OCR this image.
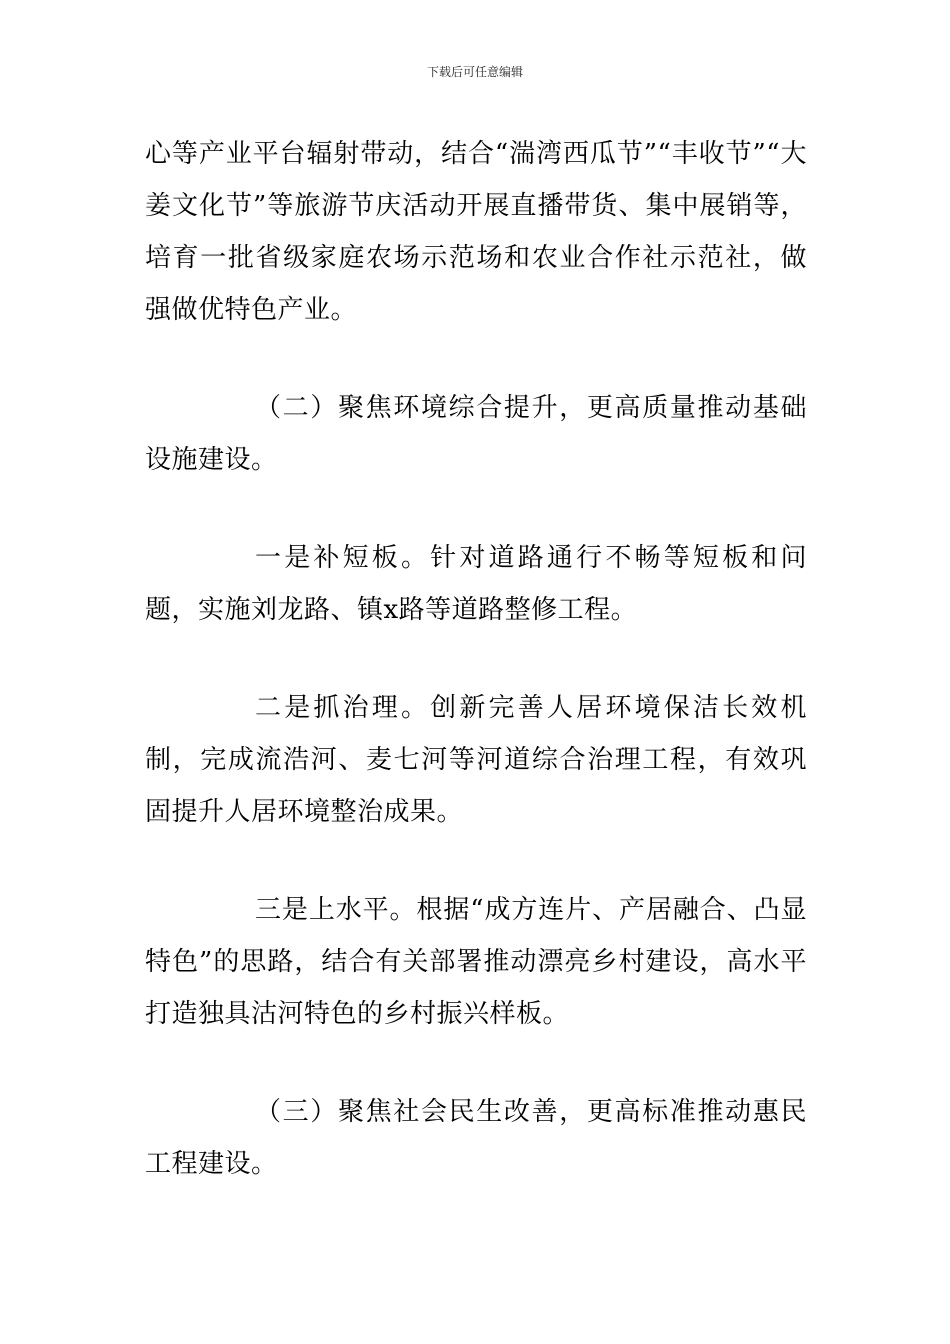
下载后可任意编辑

心等产业平台辐射带动，结合“湍湾西瓜节”“丰收节”“大姜文化节”等旅游节庆活动开展直播带货、集中展销等，培育一批省级家庭农场示范场和农业合作社示范社，做强做优特色产业。

（二）聚焦环境综合提升，更高质量推动基础设施建设。

一是补短板。针对道路通行不畅等短板和问题，实施刘龙路、镇x路等道路整修工程。

二是抓治理。创新完善人居环境保洁长效机制，完成流浩河、麦七河等河道综合治理工程，有效巩固提升人居环境整治成果。

三是上水平。根据“成方连片、产居融合、凸显特色”的思路，结合有关部署推动漂亮乡村建设，高水平打造独具沽河特色的乡村振兴样板。

（三）聚焦社会民生改善，更高标准推动惠民工程建设。
